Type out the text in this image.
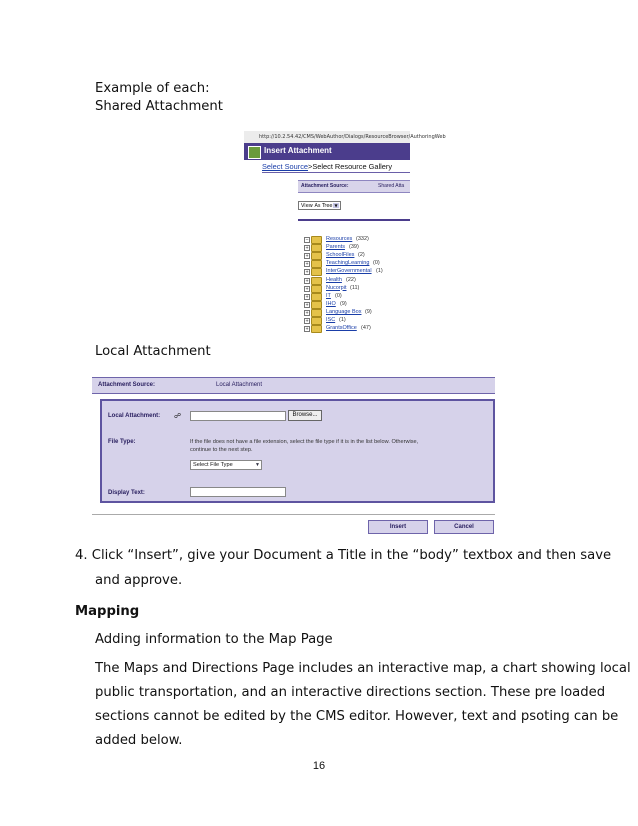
Example of each:
Shared Attachment
http://10.2.54.42/CMS/WebAuthor/Dialogs/ResourceBrowser/AuthoringWeb
Insert Attachment
Select Source>Select Resource Gallery
Attachment Source:	Shared Atta
View As Tree ▼
−	Resources (332)
+	Parents (39)
+	SchoolFiles (2)
+	TeachingLearning (0)
+	InterGovernmental (1)
+	Health (22)
+	Nucorpit (11)
+	IT (0)
+	IHO (9)
+	Language Box (9)
+	ISC (1)
+	GrantsOffice (47)
Local Attachment
Attachment Source:	Local Attachment
Local Attachment: ☍	Browse...
File Type:	If the file does not have a file extension, select the file type if it is in the list below. Otherwise,
continue to the next step.
Select File Type	▼
Display Text:
Insert	Cancel
4. Click “Insert”, give your Document a Title in the “body” textbox and then save
and approve.
Mapping
Adding information to the Map Page
The Maps and Directions Page includes an interactive map, a chart showing local
public transportation, and an interactive directions section. These pre loaded
sections cannot be edited by the CMS editor. However, text and psoting can be
added below.
16
